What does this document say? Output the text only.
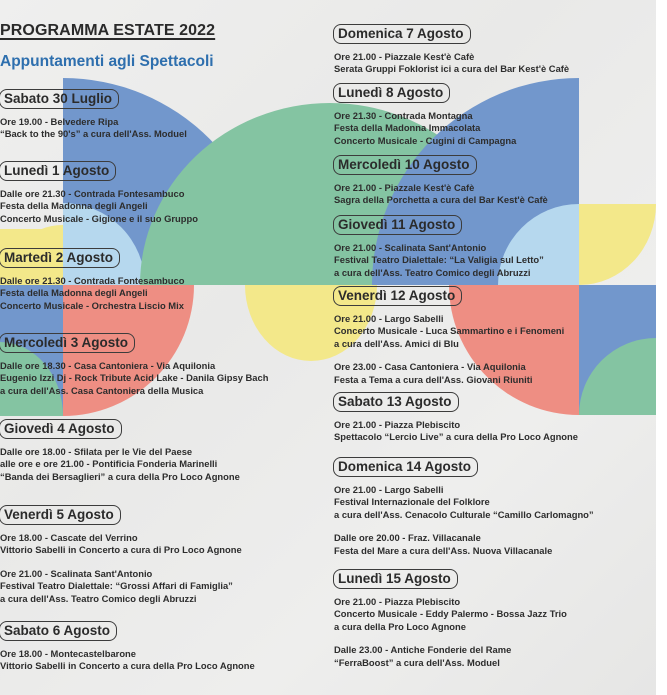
PROGRAMMA ESTATE 2022
Appuntamenti agli Spettacoli
Sabato 30 Luglio
Ore 19.00 - Belvedere Ripa
“Back to the 90's” a cura dell'Ass. Moduel
Lunedì 1 Agosto
Dalle ore 21.30 - Contrada Fontesambuco
Festa della Madonna degli Angeli
Concerto Musicale - Gigione e il suo Gruppo
Martedì 2 Agosto
Dalle ore 21.30 - Contrada Fontesambuco
Festa della Madonna degli Angeli
Concerto Musicale - Orchestra Liscio Mix
Mercoledì 3 Agosto
Dalle ore 18.30 - Casa Cantoniera - Via Aquilonia
Eugenio Izzi Dj - Rock Tribute Acid Lake - Danila Gipsy Bach
a cura dell'Ass. Casa Cantoniera della Musica
Giovedì 4 Agosto
Dalle ore 18.00 - Sfilata per le Vie del Paese
alle ore e ore 21.00 - Pontificia Fonderia Marinelli
“Banda dei Bersaglieri” a cura della Pro Loco Agnone
Venerdì 5 Agosto
Ore 18.00 - Cascate del Verrino
Vittorio Sabelli in Concerto a cura di Pro Loco Agnone
Ore 21.00 - Scalinata Sant'Antonio
Festival Teatro Dialettale: “Grossi Affari di Famiglia”
a cura dell'Ass. Teatro Comico degli Abruzzi
Sabato 6 Agosto
Ore 18.00 - Montecastelbarone
Vittorio Sabelli in Concerto a cura della Pro Loco Agnone
Domenica 7 Agosto
Ore 21.00 - Piazzale Kest'è Cafè
Serata Gruppi Foklorist ici a cura del Bar Kest'è Cafè
Lunedì 8 Agosto
Ore 21.30 - Contrada Montagna
Festa della Madonna Immacolata
Concerto Musicale - Cugini di Campagna
Mercoledì 10 Agosto
Ore 21.00 - Piazzale Kest'è Cafè
Sagra della Porchetta a cura del Bar Kest'è Cafè
Giovedì 11 Agosto
Ore 21.00 - Scalinata Sant'Antonio
Festival Teatro Dialettale: “La Valigia sul Letto”
a cura dell'Ass. Teatro Comico degli Abruzzi
Venerdì 12 Agosto
Ore 21.00 - Largo Sabelli
Concerto Musicale - Luca Sammartino e i Fenomeni
a cura dell'Ass. Amici di Blu
Ore 23.00 - Casa Cantoniera - Via Aquilonia
Festa a Tema a cura dell'Ass. Giovani Riuniti
Sabato 13 Agosto
Ore 21.00 - Piazza Plebiscito
Spettacolo “Lercio Live” a cura della Pro Loco Agnone
Domenica 14 Agosto
Ore 21.00 - Largo Sabelli
Festival Internazionale del Folklore
a cura dell'Ass. Cenacolo Culturale “Camillo Carlomagno”
Dalle ore 20.00 - Fraz. Villacanale
Festa del Mare a cura dell'Ass. Nuova Villacanale
Lunedì 15 Agosto
Ore 21.00 - Piazza Plebiscito
Concerto Musicale - Eddy Palermo - Bossa Jazz Trio
a cura della Pro Loco Agnone
Dalle 23.00 - Antiche Fonderie del Rame
“FerraBoost” a cura dell'Ass. Moduel
